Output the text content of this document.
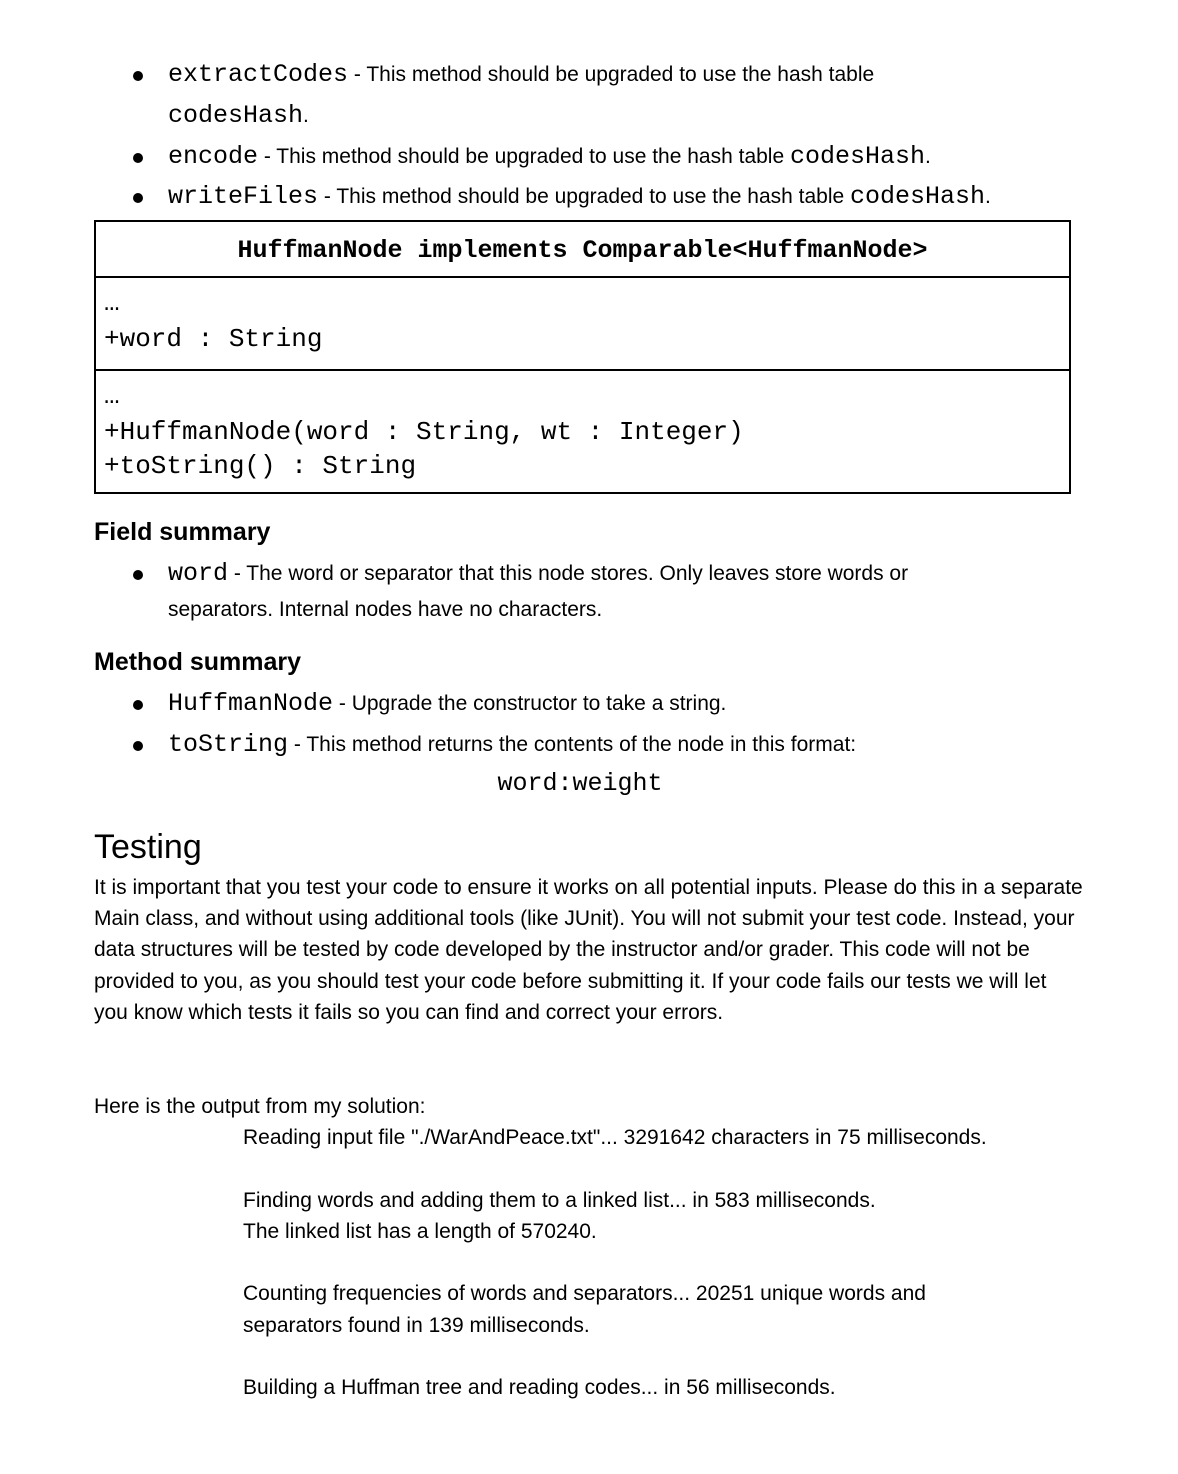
extractCodes - This method should be upgraded to use the hash table
codesHash.
encode - This method should be upgraded to use the hash table codesHash.
writeFiles - This method should be upgraded to use the hash table codesHash.
HuffmanNode implements Comparable<HuffmanNode>
…
+word : String
…
+HuffmanNode(word : String, wt : Integer)
+toString() : String
Field summary
word - The word or separator that this node stores. Only leaves store words or
separators. Internal nodes have no characters.
Method summary
HuffmanNode - Upgrade the constructor to take a string.
toString - This method returns the contents of the node in this format:
word:weight
Testing
It is important that you test your code to ensure it works on all potential inputs. Please do this in a separate Main class, and without using additional tools (like JUnit). You will not submit your test code. Instead, your data structures will be tested by code developed by the instructor and/or grader. This code will not be provided to you, as you should test your code before submitting it. If your code fails our tests we will let you know which tests it fails so you can find and correct your errors.
Here is the output from my solution:
Reading input file "./WarAndPeace.txt"... 3291642 characters in 75 milliseconds.
Finding words and adding them to a linked list... in 583 milliseconds.
The linked list has a length of 570240.
Counting frequencies of words and separators... 20251 unique words and
separators found in 139 milliseconds.
Building a Huffman tree and reading codes... in 56 milliseconds.
